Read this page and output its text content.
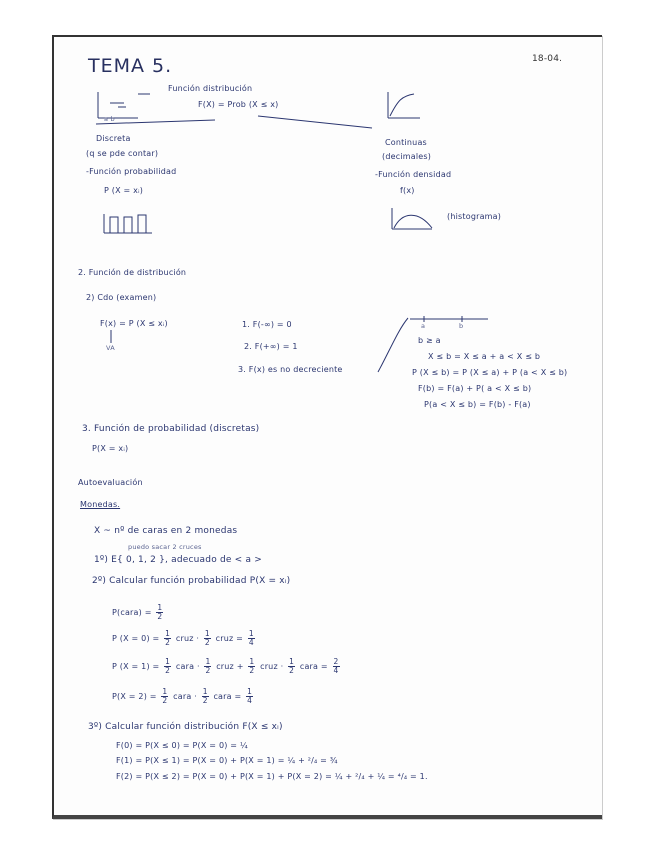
TEMA 5.	18-04.
Función distribución
F(X) = Prob (X ≤ x)
a b
Discreta
(q se pde contar)
-Función probabilidad
P (X = xᵢ)
Continuas
(decimales)
-Función densidad
f(x)
(histograma)
2. Función de distribución
2) Cdo (examen)
F(x) = P (X ≤ xᵢ)
VA
1. F(-∞) = 0
2. F(+∞) = 1
3. F(x) es no decreciente
a	b
b ≥ a
X ≤ b = X ≤ a + a < X ≤ b
P (X ≤ b) = P (X ≤ a) + P (a < X ≤ b)
F(b) = F(a) + P( a < X ≤ b)
P(a < X ≤ b) = F(b) - F(a)
3. Función de probabilidad (discretas)
P(X = xᵢ)
Autoevaluación
Monedas.
X ~ nº de caras en 2 monedas
puedo sacar 2 cruces
1º) E{ 0, 1, 2 }, adecuado de < a >
2º) Calcular función probabilidad P(X = xᵢ)
P(cara) = $\frac{1}{2}$
P $(X = 0) = \frac{1}{2}$ cruz · $\frac{1}{2}$ cruz = $\frac{1}{4}$
P $(X = 1) = \frac{1}{2}$ cara · $\frac{1}{2}$ cruz + $\frac{1}{2}$ cruz · $\frac{1}{2}$ cara = $\frac{2}{4}$
$P(X = 2) = \frac{1}{2}$ cara · $\frac{1}{2}$ cara = $\frac{1}{4}$
3º) Calcular función distribución F(X ≤ xᵢ)
F(0) = P(X ≤ 0) = P(X = 0) = ¼
F(1) = P(X ≤ 1) = P(X = 0) + P(X = 1) = ¼ + ²/₄ = ¾
F(2) = P(X ≤ 2) = P(X = 0) + P(X = 1) + P(X = 2) = ¼ + ²/₄ + ¼ = ⁴/₄ = 1.
